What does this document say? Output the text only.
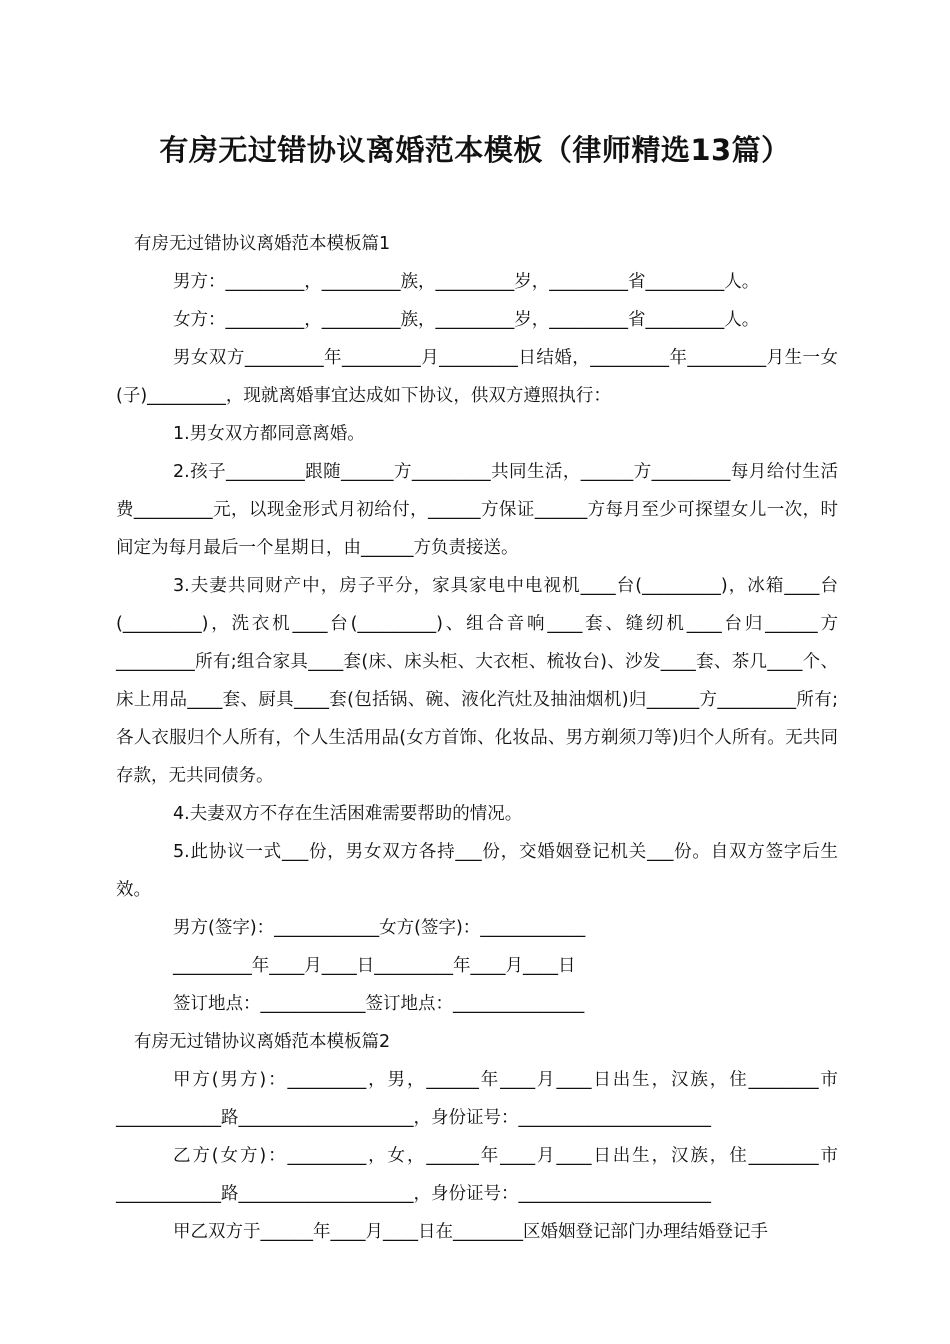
有房无过错协议离婚范本模板（律师精选13篇）

有房无过错协议离婚范本模板篇1

男方：_________，_________族，_________岁，_________省_________人。

女方：_________，_________族，_________岁，_________省_________人。

男女双方_________年_________月_________日结婚，_________年_________月生一女(子)_________，现就离婚事宜达成如下协议，供双方遵照执行：

1.男女双方都同意离婚。

2.孩子_________跟随______方_________共同生活，______方_________每月给付生活费_________元，以现金形式月初给付，______方保证______方每月至少可探望女儿一次，时间定为每月最后一个星期日，由______方负责接送。

3.夫妻共同财产中，房子平分，家具家电中电视机____台(_________)，冰箱____台(_________)，洗衣机____台(_________)、组合音响____套、缝纫机____台归______方_________所有;组合家具____套(床、床头柜、大衣柜、梳妆台)、沙发____套、茶几____个、床上用品____套、厨具____套(包括锅、碗、液化汽灶及抽油烟机)归______方_________所有;各人衣服归个人所有，个人生活用品(女方首饰、化妆品、男方剃须刀等)归个人所有。无共同存款，无共同债务。

4.夫妻双方不存在生活困难需要帮助的情况。

5.此协议一式___份，男女双方各持___份，交婚姻登记机关___份。自双方签字后生效。

男方(签字)：____________女方(签字)：____________

_________年____月____日_________年____月____日

签订地点：____________签订地点：_______________

有房无过错协议离婚范本模板篇2

甲方(男方)：_________，男，______年____月____日出生，汉族，住________市____________路____________________，身份证号：______________________

乙方(女方)：_________，女，______年____月____日出生，汉族，住________市____________路____________________，身份证号：______________________

甲乙双方于______年____月____日在________区婚姻登记部门办理结婚登记手
